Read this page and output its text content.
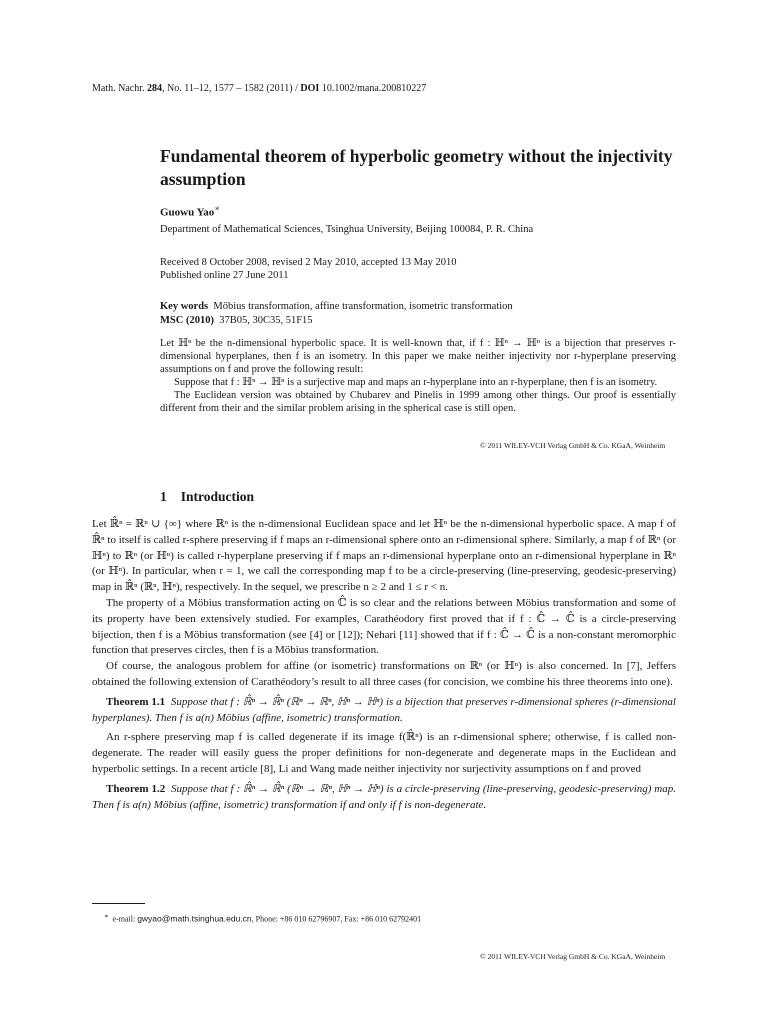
Math. Nachr. 284, No. 11–12, 1577 – 1582 (2011) / DOI 10.1002/mana.200810227
Fundamental theorem of hyperbolic geometry without the injectivity assumption
Guowu Yao∗
Department of Mathematical Sciences, Tsinghua University, Beijing 100084, P. R. China
Received 8 October 2008, revised 2 May 2010, accepted 13 May 2010
Published online 27 June 2011
Key words Möbius transformation, affine transformation, isometric transformation
MSC (2010) 37B05, 30C35, 51F15

Let ℍⁿ be the n-dimensional hyperbolic space. It is well-known that, if f : ℍⁿ → ℍⁿ is a bijection that preserves r-dimensional hyperplanes, then f is an isometry. In this paper we make neither injectivity nor r-hyperplane preserving assumptions on f and prove the following result:

Suppose that f : ℍⁿ → ℍⁿ is a surjective map and maps an r-hyperplane into an r-hyperplane, then f is an isometry.

The Euclidean version was obtained by Chubarev and Pinelis in 1999 among other things. Our proof is essentially different from their and the similar problem arising in the spherical case is still open.

© 2011 WILEY-VCH Verlag GmbH & Co. KGaA, Weinheim
1 Introduction

Let ℝ̂ⁿ = ℝⁿ ∪ {∞} where ℝⁿ is the n-dimensional Euclidean space and let ℍⁿ be the n-dimensional hyperbolic space. A map f of ℝ̂ⁿ to itself is called r-sphere preserving if f maps an r-dimensional sphere onto an r-dimensional sphere. Similarly, a map f of ℝⁿ (or ℍⁿ) to ℝⁿ (or ℍⁿ) is called r-hyperplane preserving if f maps an r-dimensional hyperplane onto an r-dimensional hyperplane in ℝⁿ (or ℍⁿ). In particular, when r = 1, we call the corresponding map f to be a circle-preserving (line-preserving, geodesic-preserving) map in ℝ̂ⁿ (ℝⁿ, ℍⁿ), respectively. In the sequel, we prescribe n ≥ 2 and 1 ≤ r < n.

The property of a Möbius transformation acting on ℂ̂ is so clear and the relations between Möbius transformation and some of its property have been extensively studied. For examples, Carathéodory first proved that if f : ℂ̂ → ℂ̂ is a circle-preserving bijection, then f is a Möbius transformation (see [4] or [12]); Nehari [11] showed that if f : ℂ̂ → ℂ̂ is a non-constant meromorphic function that preserves circles, then f is a Möbius transformation.

Of course, the analogous problem for affine (or isometric) transformations on ℝⁿ (or ℍⁿ) is also concerned. In [7], Jeffers obtained the following extension of Carathéodory’s result to all three cases (for concision, we combine his three theorems into one).

Theorem 1.1 Suppose that f : ℝ̂ⁿ → ℝ̂ⁿ (ℝⁿ → ℝⁿ, ℍⁿ → ℍⁿ) is a bijection that preserves r-dimensional spheres (r-dimensional hyperplanes). Then f is a(n) Möbius (affine, isometric) transformation.

An r-sphere preserving map f is called degenerate if its image f(ℝ̂ⁿ) is an r-dimensional sphere; otherwise, f is called non-degenerate. The reader will easily guess the proper definitions for non-degenerate and degenerate maps in the Euclidean and hyperbolic settings. In a recent article [8], Li and Wang made neither injectivity nor surjectivity assumptions on f and proved

Theorem 1.2 Suppose that f : ℝ̂ⁿ → ℝ̂ⁿ (ℝⁿ → ℝⁿ, ℍⁿ → ℍⁿ) is a circle-preserving (line-preserving, geodesic-preserving) map. Then f is a(n) Möbius (affine, isometric) transformation if and only if f is non-degenerate.

∗ e-mail: gwyao@math.tsinghua.edu.cn, Phone: +86 010 62796907, Fax: +86 010 62792401
© 2011 WILEY-VCH Verlag GmbH & Co. KGaA, Weinheim
